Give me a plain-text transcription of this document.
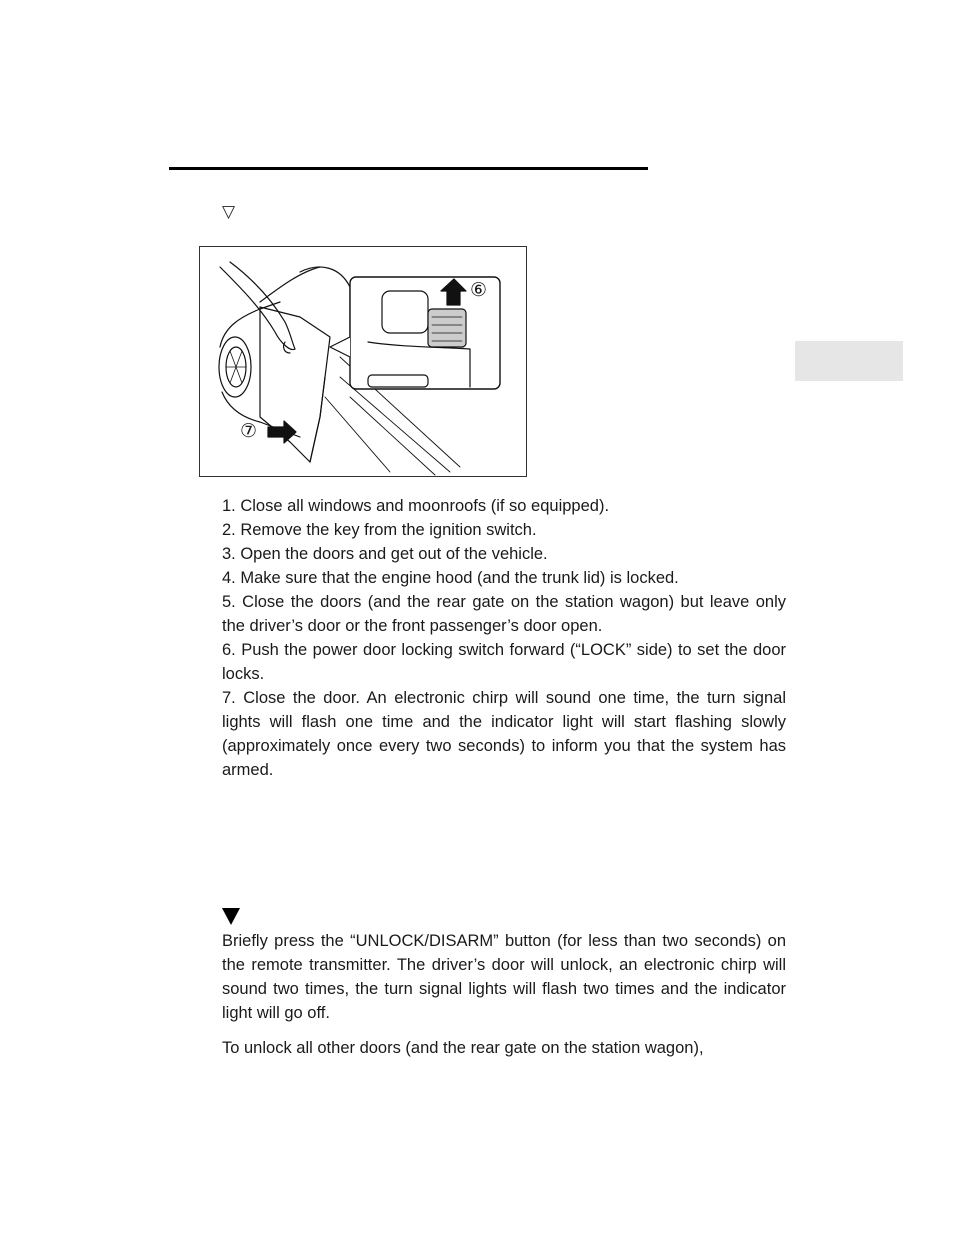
▽
⑥
⑦
1. Close all windows and moonroofs (if so equipped).
2. Remove the key from the ignition switch.
3. Open the doors and get out of the vehicle.
4. Make sure that the engine hood (and the trunk lid) is locked.
5. Close the doors (and the rear gate on the station wagon) but leave only the driver’s door or the front passenger’s door open.
6. Push the power door locking switch forward (“LOCK” side) to set the door locks.
7. Close the door. An electronic chirp will sound one time, the turn signal lights will flash one time and the indicator light will start flashing slowly (approximately once every two seconds) to inform you that the system has armed.

Briefly press the “UNLOCK/DISARM” button (for less than two seconds) on the remote transmitter. The driver’s door will unlock, an electronic chirp will sound two times, the turn signal lights will flash two times and the indicator light will go off.

To unlock all other doors (and the rear gate on the station wagon),
